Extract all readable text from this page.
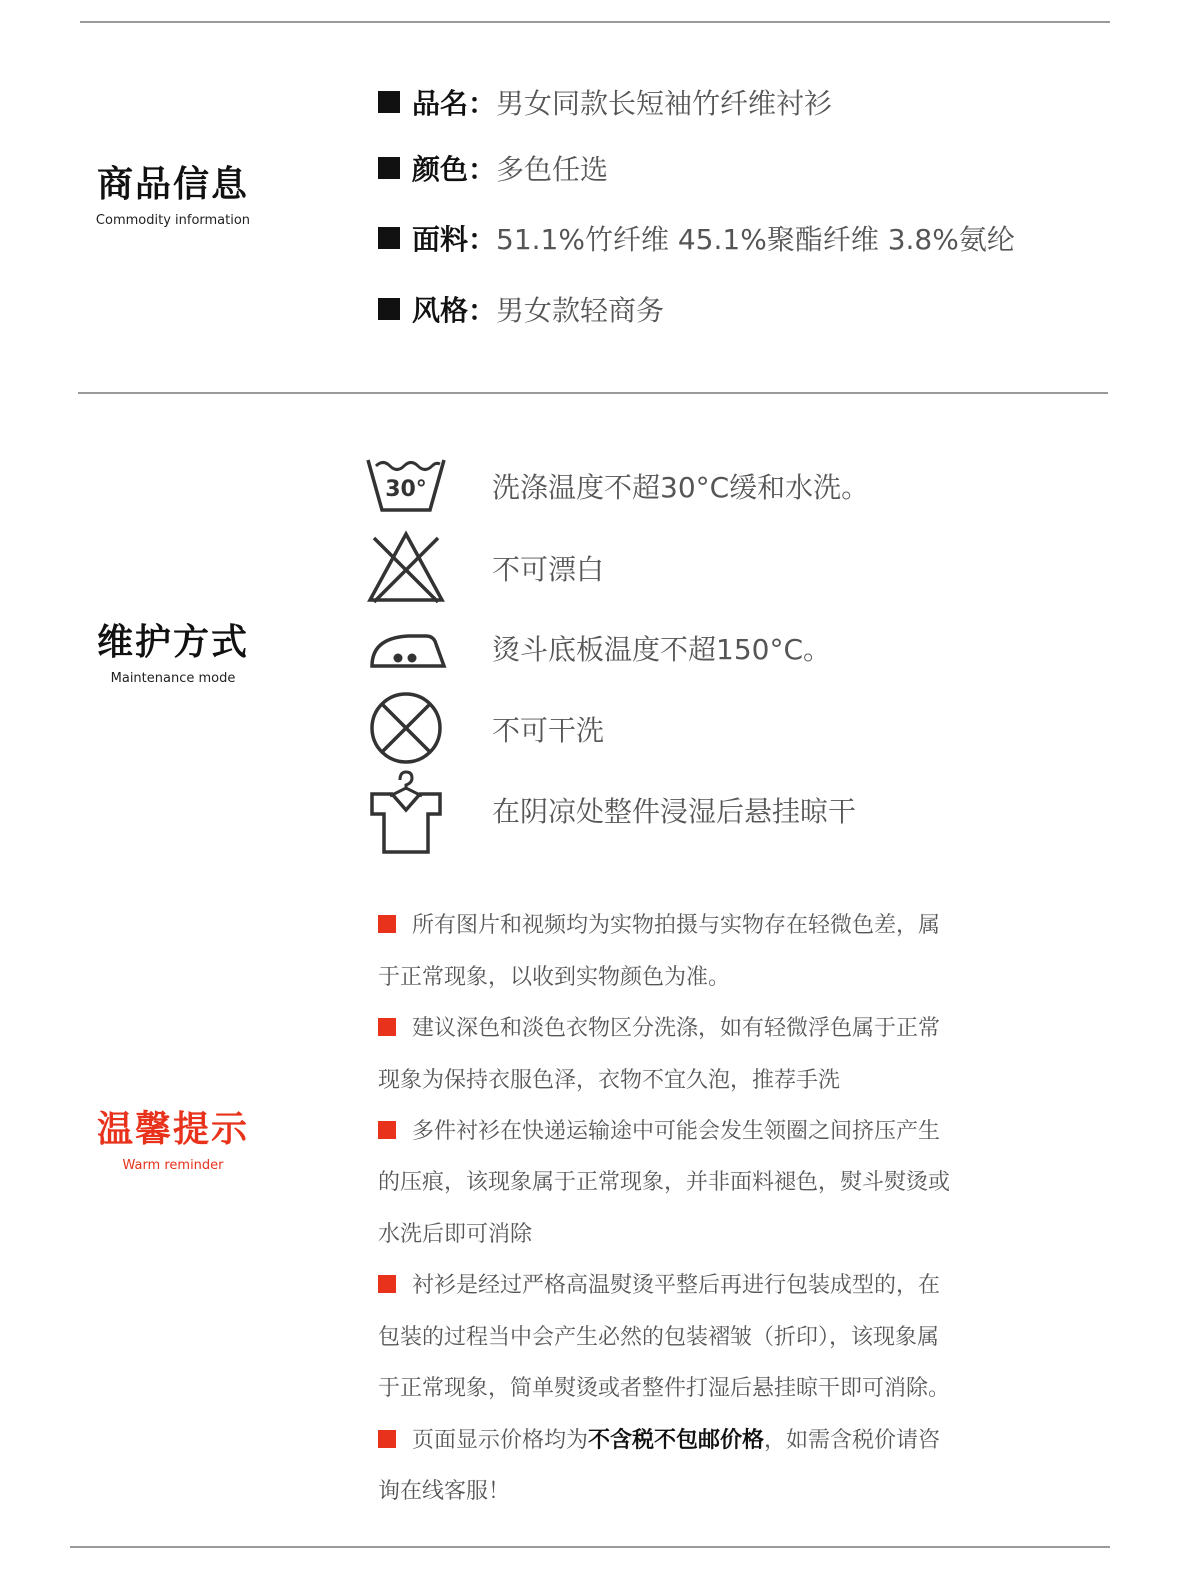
商品信息
Commodity information
品名： 男女同款长短袖竹纤维衬衫
颜色： 多色任选
面料： 51.1%竹纤维 45.1%聚酯纤维 3.8%氨纶
风格： 男女款轻商务
维护方式
Maintenance mode
30° 洗涤温度不超30°C缓和水洗。
不可漂白
烫斗底板温度不超150°C。
不可干洗
在阴凉处整件浸湿后悬挂晾干
温馨提示
Warm reminder
所有图片和视频均为实物拍摄与实物存在轻微色差，属
于正常现象，以收到实物颜色为准。
建议深色和淡色衣物区分洗涤，如有轻微浮色属于正常
现象为保持衣服色泽，衣物不宜久泡，推荐手洗
多件衬衫在快递运输途中可能会发生领圈之间挤压产生
的压痕，该现象属于正常现象，并非面料褪色，熨斗熨烫或
水洗后即可消除
衬衫是经过严格高温熨烫平整后再进行包装成型的，在
包装的过程当中会产生必然的包装褶皱（折印），该现象属
于正常现象，简单熨烫或者整件打湿后悬挂晾干即可消除。
页面显示价格均为不含税不包邮价格，如需含税价请咨
询在线客服！
